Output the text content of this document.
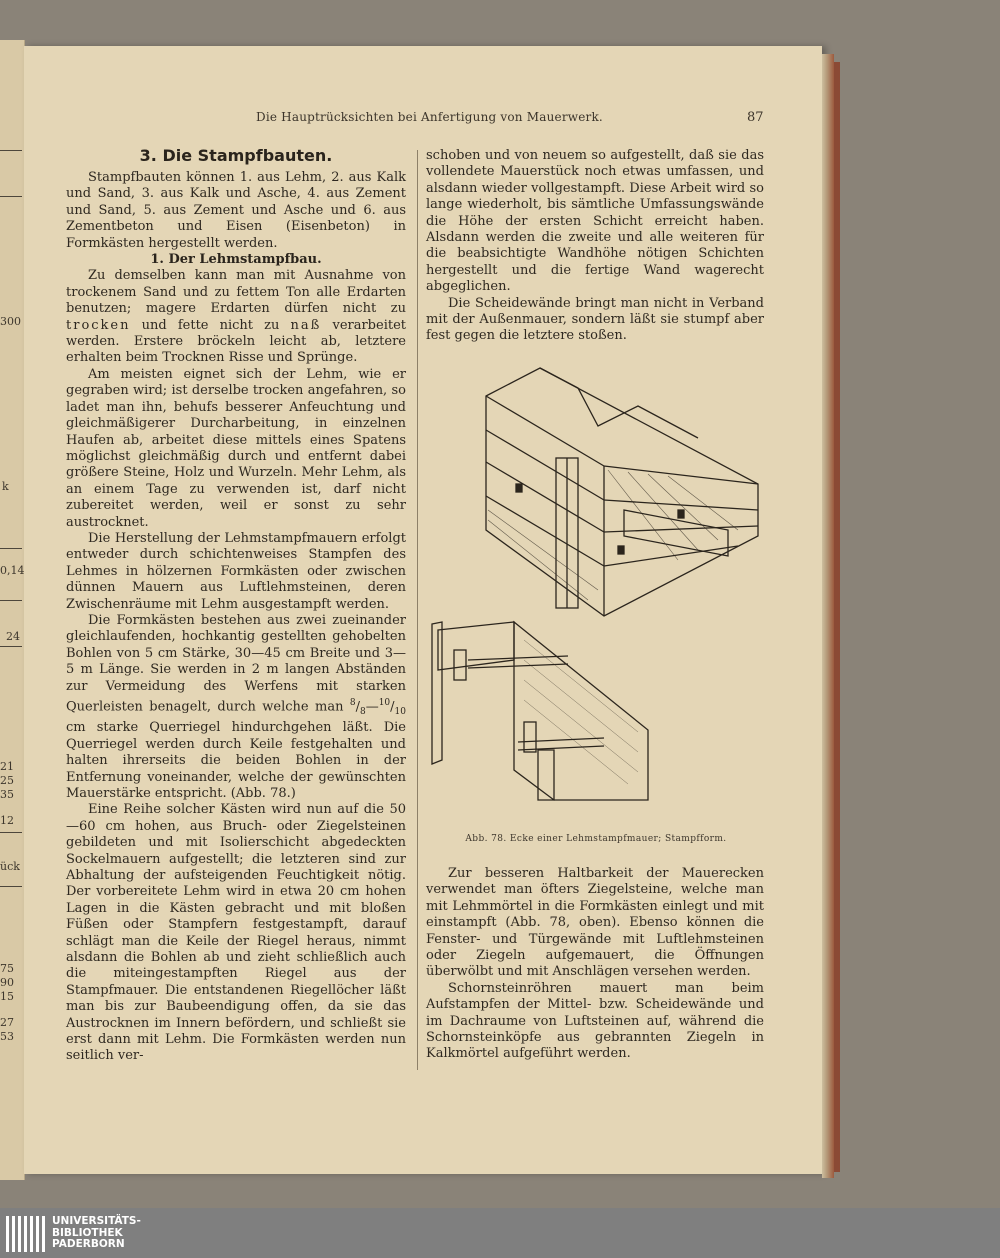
300
k
0,14
24
21
25
35
12
ück
75
90
15
27
53
Die Hauptrücksichten bei Anfertigung von Mauerwerk.	87
3. Die Stampfbauten.

Stampfbauten können 1. aus Lehm, 2. aus Kalk und Sand, 3. aus Kalk und Asche, 4. aus Zement und Sand, 5. aus Zement und Asche und 6. aus Zementbeton und Eisen (Eisenbeton) in Formkästen hergestellt werden.

1. Der Lehmstampfbau.

Zu demselben kann man mit Ausnahme von trockenem Sand und zu fettem Ton alle Erdarten benutzen; magere Erdarten dürfen nicht zu trocken und fette nicht zu naß verarbeitet werden. Erstere bröckeln leicht ab, letztere erhalten beim Trocknen Risse und Sprünge.

Am meisten eignet sich der Lehm, wie er gegraben wird; ist derselbe trocken angefahren, so ladet man ihn, behufs besserer Anfeuchtung und gleichmäßigerer Durcharbeitung, in einzelnen Haufen ab, arbeitet diese mittels eines Spatens möglichst gleichmäßig durch und entfernt dabei größere Steine, Holz und Wurzeln. Mehr Lehm, als an einem Tage zu verwenden ist, darf nicht zubereitet werden, weil er sonst zu sehr austrocknet.

Die Herstellung der Lehmstampfmauern erfolgt entweder durch schichtenweises Stampfen des Lehmes in hölzernen Formkästen oder zwischen dünnen Mauern aus Luftlehmsteinen, deren Zwischenräume mit Lehm ausgestampft werden.

Die Formkästen bestehen aus zwei zueinander gleichlaufenden, hochkantig gestellten gehobelten Bohlen von 5 cm Stärke, 30—45 cm Breite und 3—5 m Länge. Sie werden in 2 m langen Abständen zur Vermeidung des Werfens mit starken Querleisten benagelt, durch welche man $^8/_8—^{10}/_{10}$ cm starke Querriegel hindurchgehen läßt. Die Querriegel werden durch Keile festgehalten und halten ihrerseits die beiden Bohlen in der Entfernung voneinander, welche der gewünschten Mauerstärke entspricht. (Abb. 78.)

Eine Reihe solcher Kästen wird nun auf die 50—60 cm hohen, aus Bruch- oder Ziegelsteinen gebildeten und mit Isolierschicht abgedeckten Sockelmauern aufgestellt; die letzteren sind zur Abhaltung der aufsteigenden Feuchtigkeit nötig. Der vorbereitete Lehm wird in etwa 20 cm hohen Lagen in die Kästen gebracht und mit bloßen Füßen oder Stampfern festgestampft, darauf schlägt man die Keile der Riegel heraus, nimmt alsdann die Bohlen ab und zieht schließlich auch die miteingestampften Riegel aus der Stampfmauer. Die entstandenen Riegellöcher läßt man bis zur Baubeendigung offen, da sie das Austrocknen im Innern befördern, und schließt sie erst dann mit Lehm. Die Formkästen werden nun seitlich ver-

schoben und von neuem so aufgestellt, daß sie das vollendete Mauerstück noch etwas umfassen, und alsdann wieder vollgestampft. Diese Arbeit wird so lange wiederholt, bis sämtliche Umfassungswände die Höhe der ersten Schicht erreicht haben. Alsdann werden die zweite und alle weiteren für die beabsichtigte Wandhöhe nötigen Schichten hergestellt und die fertige Wand wagerecht abgeglichen.

Die Scheidewände bringt man nicht in Verband mit der Außenmauer, sondern läßt sie stumpf aber fest gegen die letztere stoßen.

Abb. 78. Ecke einer Lehmstampfmauer; Stampfform.

Zur besseren Haltbarkeit der Mauerecken verwendet man öfters Ziegelsteine, welche man mit Lehmmörtel in die Formkästen einlegt und mit einstampft (Abb. 78, oben). Ebenso können die Fenster- und Türgewände mit Luftlehmsteinen oder Ziegeln aufgemauert, die Öffnungen überwölbt und mit Anschlägen versehen werden.

Schornsteinröhren mauert man beim Aufstampfen der Mittel- bzw. Scheidewände und im Dachraume von Luftsteinen auf, während die Schornsteinköpfe aus gebrannten Ziegeln in Kalkmörtel aufgeführt werden.

UNIVERSITÄTS-
BIBLIOTHEK
PADERBORN
